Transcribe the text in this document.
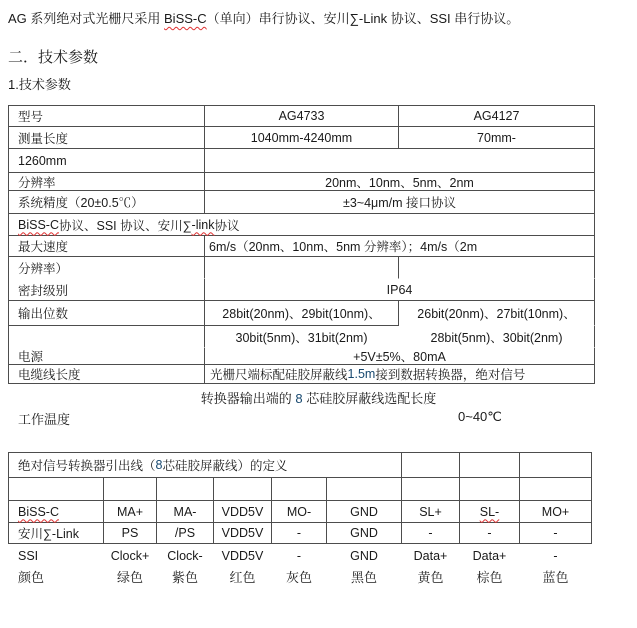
AG 系列绝对式光栅尺采用 BiSS-C（单向）串行协议、安川∑-Link 协议、SSI 串行协议。
二．技术参数
1.技术参数
型号	AG4733	AG4127
测量长度	1040mm-4240mm	70mm-
1260mm
分辨率	20nm、10nm、5nm、2nm
系统精度（20±0.5℃）	±3~4μm/m 接口协议
BiSS-C 协议、SSI 协议、安川∑ -link 协议
最大速度	6m/s（20nm、10nm、5nm 分辨率）；4m/s（2m
分辨率）
密封级别	IP64
输出位数	28bit(20nm)、29bit(10nm)、	26bit(20nm)、27bit(10nm)、
30bit(5nm)、31bit(2nm)	28bit(5nm)、30bit(2nm)
电源	+5V±5%、80mA
电缆线长度	光栅尺端标配硅胶屏蔽线 1.5m 接到数据转换器，绝对信号
转换器输出端的 8 芯硅胶屏蔽线选配长度
工作温度	0~40℃
绝对信号转换器引出线（ 8 芯硅胶屏蔽线）的定义
BiSS-C	MA+	MA-	VDD5V	MO-	GND	SL+	SL-	MO+
安川∑-Link	PS	/PS	VDD5V	-	GND	-	-	-
SSI	Clock+	Clock-	VDD5V	-	GND	Data+	Data+	-
颜色	绿色	紫色	红色	灰色	黑色	黄色	棕色	蓝色
